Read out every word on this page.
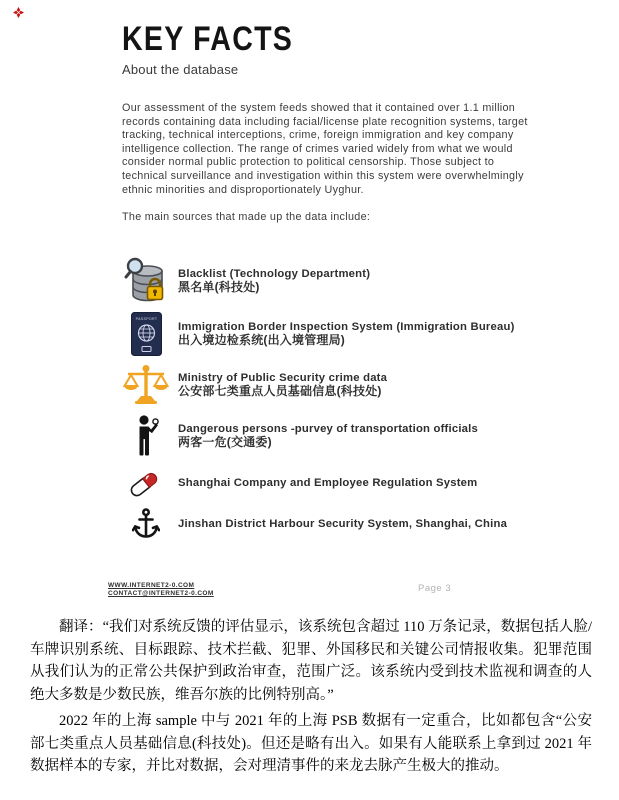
KEY FACTS
About the database

Our assessment of the system feeds showed that it contained over 1.1 million records containing data including facial/license plate recognition systems, target tracking, technical interceptions, crime, foreign immigration and key company intelligence collection. The range of crimes varied widely from what we would consider normal public protection to political censorship. Those subject to technical surveillance and investigation within this system were overwhelmingly ethnic minorities and disproportionately Uyghur.

The main sources that made up the data include:

Blacklist (Technology Department)
黑名单(科技处)
PASSPORT
Immigration Border Inspection System (Immigration Bureau)
出入境边检系统(出入境管理局)
Ministry of Public Security crime data
公安部七类重点人员基础信息(科技处)
Dangerous persons -purvey of transportation officials
两客一危(交通委)
Shanghai Company and Employee Regulation System
Jinshan District Harbour Security System, Shanghai, China
WWW.INTERNET2-0.COM
CONTACT@INTERNET2-0.COM	Page 3

翻译：“我们对系统反馈的评估显示，该系统包含超过 110 万条记录，数据包括人脸/车牌识别系统、目标跟踪、技术拦截、犯罪、外国移民和关键公司情报收集。犯罪范围从我们认为的正常公共保护到政治审查，范围广泛。该系统内受到技术监视和调查的人绝大多数是少数民族，维吾尔族的比例特别高。”

2022 年的上海 sample 中与 2021 年的上海 PSB 数据有一定重合，比如都包含“公安部七类重点人员基础信息(科技处)。但还是略有出入。如果有人能联系上拿到过 2021 年数据样本的专家，并比对数据，会对理清事件的来龙去脉产生极大的推动。
